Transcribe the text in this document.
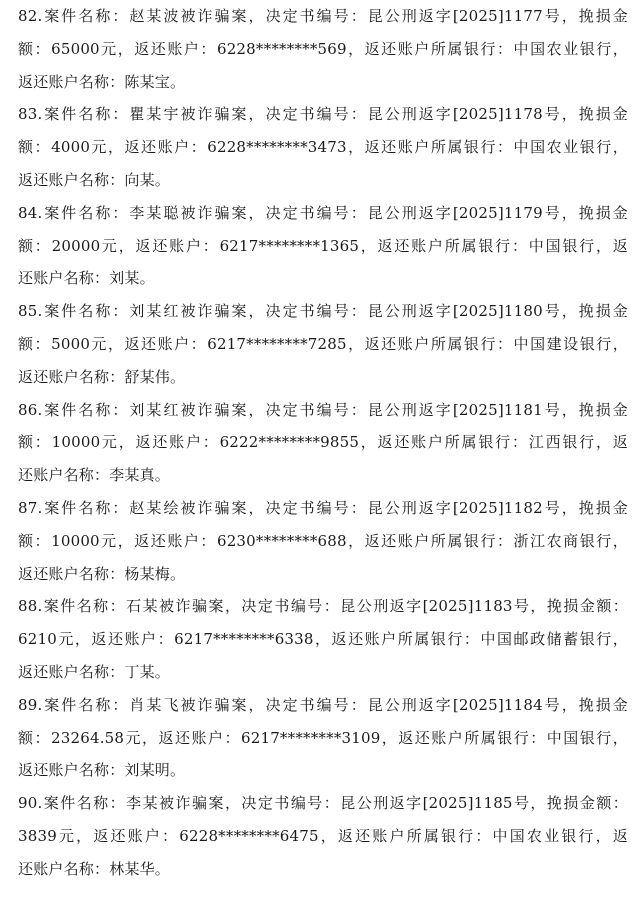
82.案件名称：赵某波被诈骗案，决定书编号：昆公刑返字[2025]1177号，挽损金
额：65000元，返还账户：6228********569，返还账户所属银行：中国农业银行，
返还账户名称：陈某宝。
83.案件名称：瞿某宇被诈骗案，决定书编号：昆公刑返字[2025]1178号，挽损金
额：4000元，返还账户：6228********3473，返还账户所属银行：中国农业银行，
返还账户名称：向某。
84.案件名称：李某聪被诈骗案，决定书编号：昆公刑返字[2025]1179号，挽损金
额：20000元，返还账户：6217********1365，返还账户所属银行：中国银行，返
还账户名称：刘某。
85.案件名称：刘某红被诈骗案，决定书编号：昆公刑返字[2025]1180号，挽损金
额：5000元，返还账户：6217********7285，返还账户所属银行：中国建设银行，
返还账户名称：舒某伟。
86.案件名称：刘某红被诈骗案，决定书编号：昆公刑返字[2025]1181号，挽损金
额：10000元，返还账户：6222********9855，返还账户所属银行：江西银行，返
还账户名称：李某真。
87.案件名称：赵某绘被诈骗案，决定书编号：昆公刑返字[2025]1182号，挽损金
额：10000元，返还账户：6230********688，返还账户所属银行：浙江农商银行，
返还账户名称：杨某梅。
88.案件名称：石某被诈骗案，决定书编号：昆公刑返字[2025]1183号，挽损金额：
6210元，返还账户：6217********6338，返还账户所属银行：中国邮政储蓄银行，
返还账户名称：丁某。
89.案件名称：肖某飞被诈骗案，决定书编号：昆公刑返字[2025]1184号，挽损金
额：23264.58元，返还账户：6217********3109，返还账户所属银行：中国银行，
返还账户名称：刘某明。
90.案件名称：李某被诈骗案，决定书编号：昆公刑返字[2025]1185号，挽损金额：
3839元，返还账户：6228********6475，返还账户所属银行：中国农业银行，返
还账户名称：林某华。
